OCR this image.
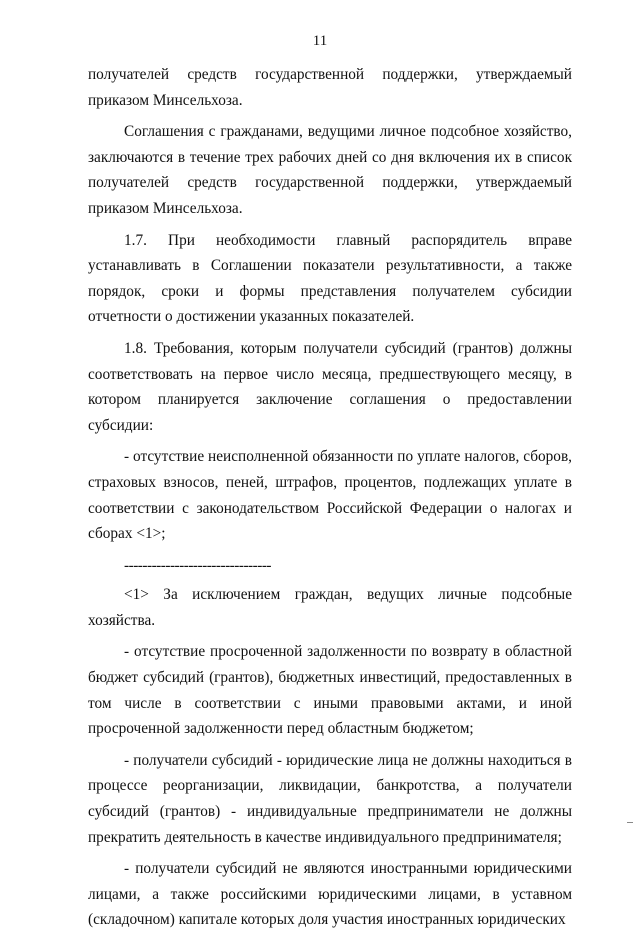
11

получателей средств государственной поддержки, утверждаемый приказом Минсельхоза.

Соглашения с гражданами, ведущими личное подсобное хозяйство, заключаются в течение трех рабочих дней со дня включения их в список получателей средств государственной поддержки, утверждаемый приказом Минсельхоза.

1.7. При необходимости главный распорядитель вправе устанавливать в Соглашении показатели результативности, а также порядок, сроки и формы представления получателем субсидии отчетности о достижении указанных показателей.

1.8. Требования, которым получатели субсидий (грантов) должны соответствовать на первое число месяца, предшествующего месяцу, в котором планируется заключение соглашения о предоставлении субсидии:

- отсутствие неисполненной обязанности по уплате налогов, сборов, страховых взносов, пеней, штрафов, процентов, подлежащих уплате в соответствии с законодательством Российской Федерации о налогах и сборах <1>;

--------------------------------

<1> За исключением граждан, ведущих личные подсобные хозяйства.

- отсутствие просроченной задолженности по возврату в областной бюджет субсидий (грантов), бюджетных инвестиций, предоставленных в том числе в соответствии с иными правовыми актами, и иной просроченной задолженности перед областным бюджетом;

- получатели субсидий - юридические лица не должны находиться в процессе реорганизации, ликвидации, банкротства, а получатели субсидий (грантов) - индивидуальные предприниматели не должны прекратить деятельность в качестве индивидуального предпринимателя;

- получатели субсидий не являются иностранными юридическими лицами, а также российскими юридическими лицами, в уставном (складочном) капитале которых доля участия иностранных юридических
